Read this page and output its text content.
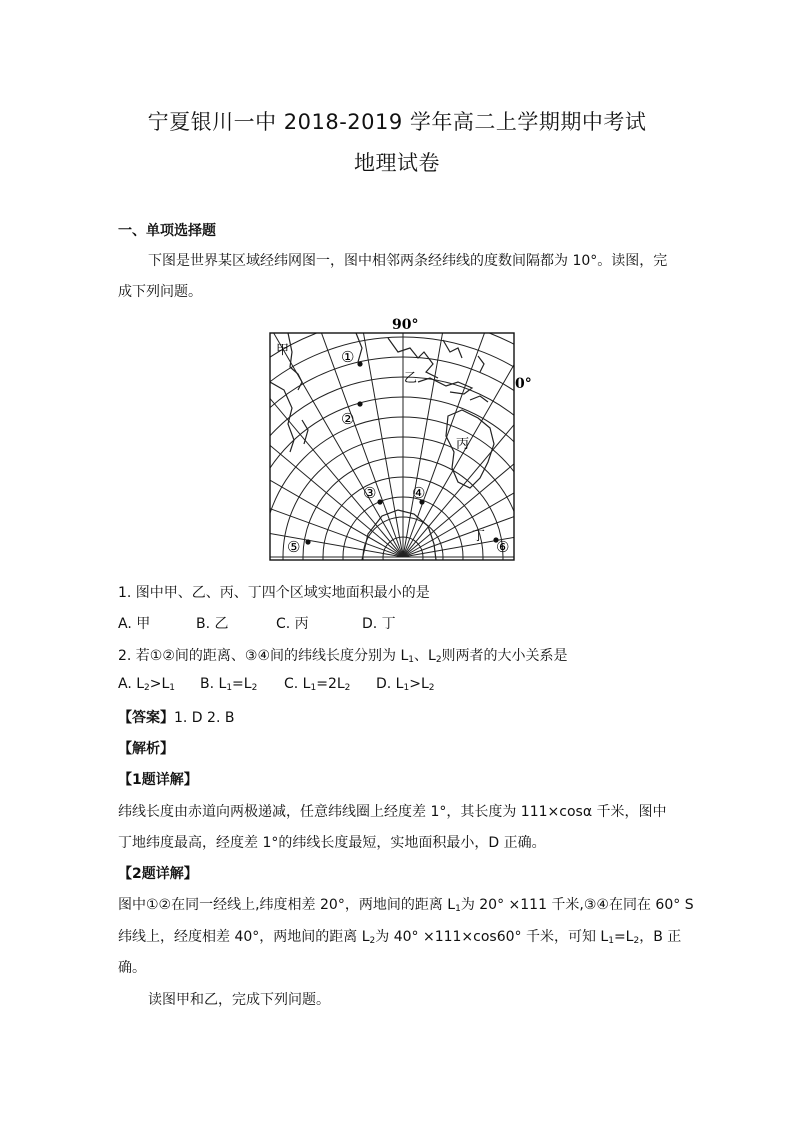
宁夏银川一中 2018-2019 学年高二上学期期中考试
地理试卷
一、单项选择题
下图是世界某区域经纬网图一，图中相邻两条经纬线的度数间隔都为 10°。读图，完
成下列问题。
90°
0°
甲
乙
丙
丁
①
②
③ ④
⑤	⑥
1. 图中甲、乙、丙、丁四个区域实地面积最小的是
A. 甲	B. 乙	C. 丙	D. 丁
2. 若①②间的距离、③④间的纬线长度分别为 $L_1$、$L_2$则两者的大小关系是
A. $L_2>L_1$ B. $L_1=L_2$ C. $L_1=2L_2$ D. $L_1>L_2$
【答案】1. D 2. B
【解析】
【1题详解】
纬线长度由赤道向两极递减，任意纬线圈上经度差 1°，其长度为 111×cosα 千米，图中
丁地纬度最高，经度差 1°的纬线长度最短，实地面积最小，D 正确。
【2题详解】
图中①②在同一经线上,纬度相差 20°，两地间的距离 $L_1$为 20° ×111 千米,③④在同在 60° S
纬线上，经度相差 40°，两地间的距离 $L_2$为 40° ×111×cos60° 千米，可知 $L_1=L_2$，B 正
确。
读图甲和乙，完成下列问题。
